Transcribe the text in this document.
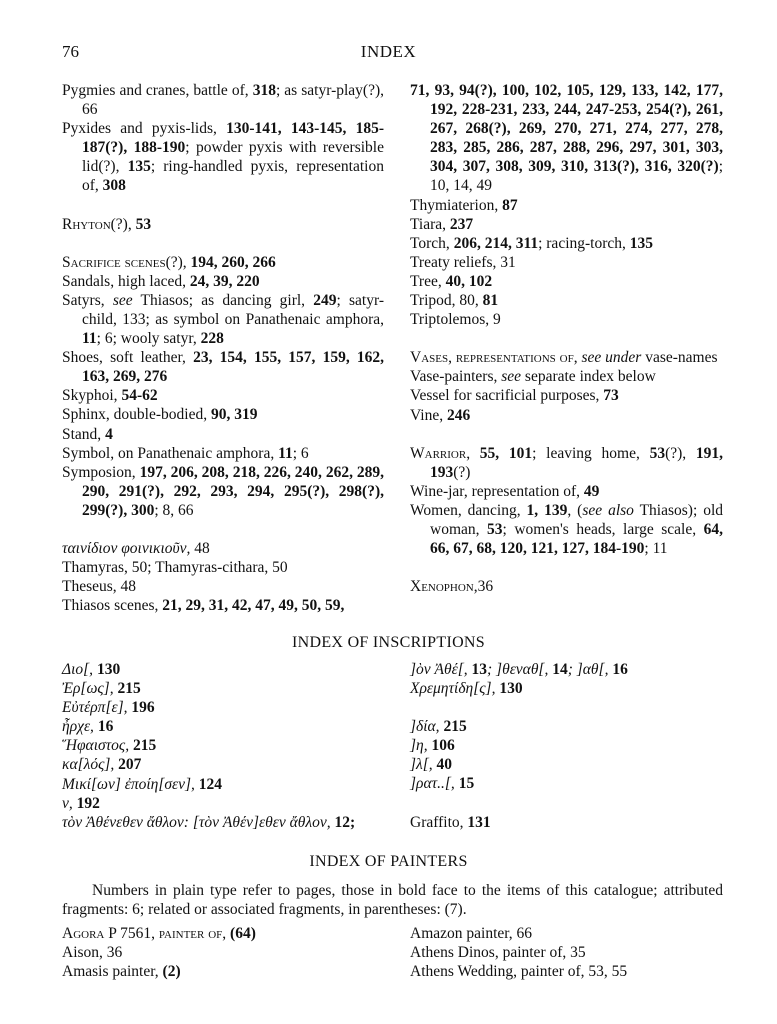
76	INDEX
Pygmies and cranes, battle of, 318; as satyr-play(?), 66
Pyxides and pyxis-lids, 130-141, 143-145, 185-187(?), 188-190; powder pyxis with reversible lid(?), 135; ring-handled pyxis, representation of, 308
Rhyton(?), 53
Sacrifice scenes(?), 194, 260, 266
Sandals, high laced, 24, 39, 220
Satyrs, see Thiasos; as dancing girl, 249; satyr-child, 133; as symbol on Panathenaic amphora, 11; 6; wooly satyr, 228
Shoes, soft leather, 23, 154, 155, 157, 159, 162, 163, 269, 276
Skyphoi, 54-62
Sphinx, double-bodied, 90, 319
Stand, 4
Symbol, on Panathenaic amphora, 11; 6
Symposion, 197, 206, 208, 218, 226, 240, 262, 289, 290, 291(?), 292, 293, 294, 295(?), 298(?), 299(?), 300; 8, 66
ταινίδιον φοινικιοῦν, 48
Thamyras, 50; Thamyras-cithara, 50
Theseus, 48
Thiasos scenes, 21, 29, 31, 42, 47, 49, 50, 59,
71, 93, 94(?), 100, 102, 105, 129, 133, 142, 177, 192, 228-231, 233, 244, 247-253, 254(?), 261, 267, 268(?), 269, 270, 271, 274, 277, 278, 283, 285, 286, 287, 288, 296, 297, 301, 303, 304, 307, 308, 309, 310, 313(?), 316, 320(?); 10, 14, 49
Thymiaterion, 87
Tiara, 237
Torch, 206, 214, 311; racing-torch, 135
Treaty reliefs, 31
Tree, 40, 102
Tripod, 80, 81
Triptolemos, 9
Vases, representations of, see under vase-names
Vase-painters, see separate index below
Vessel for sacrificial purposes, 73
Vine, 246
Warrior, 55, 101; leaving home, 53(?), 191, 193(?)
Wine-jar, representation of, 49
Women, dancing, 1, 139, (see also Thiasos); old woman, 53; women's heads, large scale, 64, 66, 67, 68, 120, 121, 127, 184-190; 11
Xenophon,36
INDEX OF INSCRIPTIONS
Διο[, 130
Ἐρ[ως], 215
Εὐτέρπ[ε], 196
ἦρχε, 16
Ἥφαιστος, 215
κα[λός], 207
Μικί[ων] ἐποίη[σεν], 124
ν, 192
τὸν Ἀθένεθεν ἄθλον: [τὸν Ἀθέν]εθεν ἄθλον, 12;
]ὸν Ἀθέ[, 13; ]θεναθ[, 14; ]αθ[, 16
Χρεμητίδη[ς], 130
]δία, 215
]η, 106
]λ[, 40
]ρατ..[, 15
Graffito, 131
INDEX OF PAINTERS
Numbers in plain type refer to pages, those in bold face to the items of this catalogue; attributed fragments: 6; related or associated fragments, in parentheses: (7).
Agora P 7561, painter of, (64)
Aison, 36
Amasis painter, (2)
Amazon painter, 66
Athens Dinos, painter of, 35
Athens Wedding, painter of, 53, 55
